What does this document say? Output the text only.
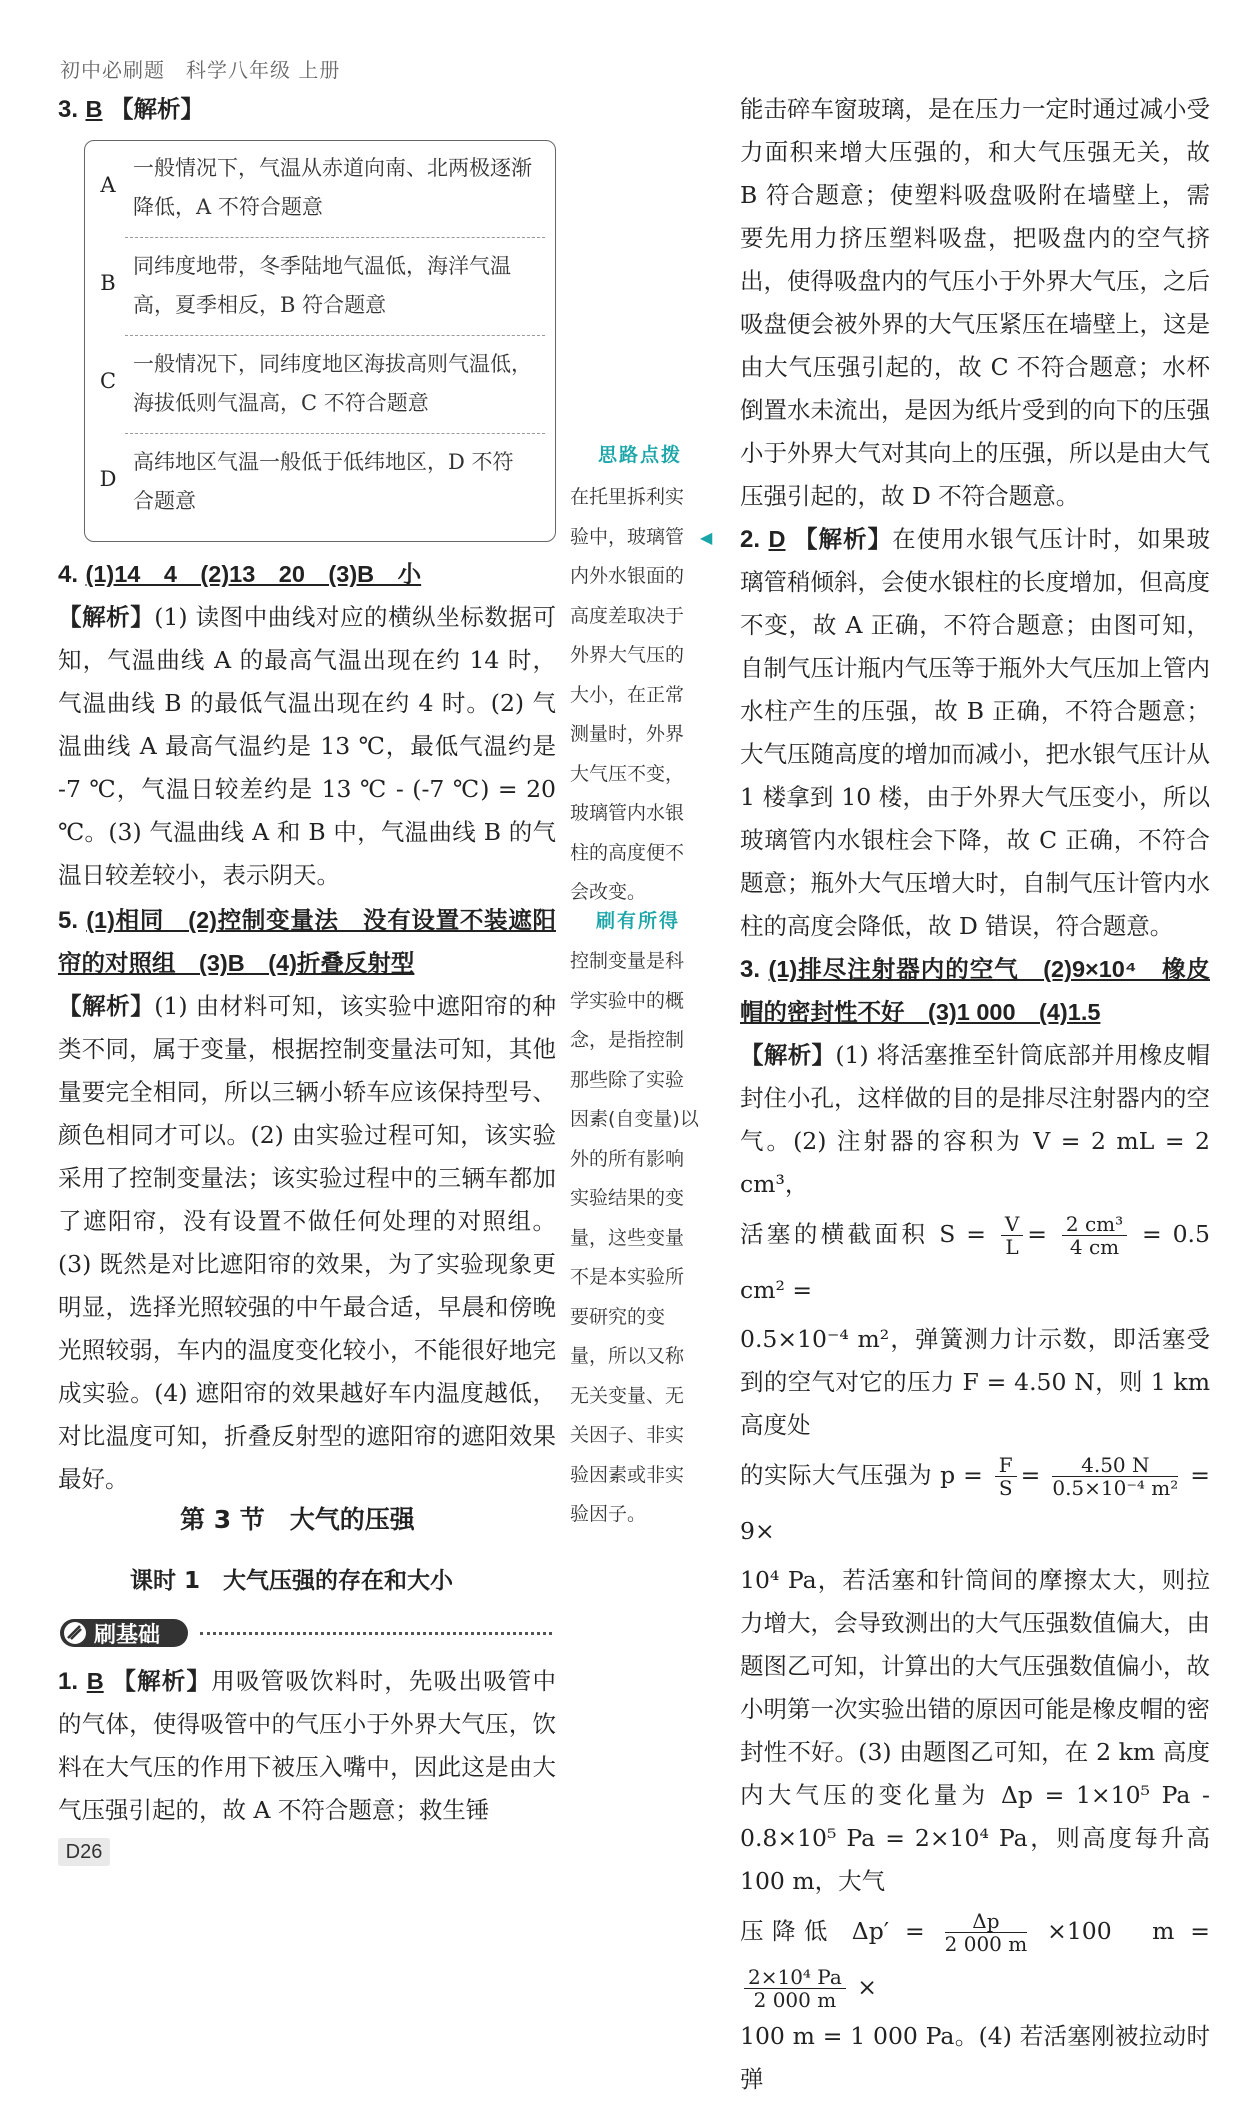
初中必刷题　科学八年级 上册

3. B 【解析】

A
一般情况下，气温从赤道向南、北两极逐渐降低，A 不符合题意
B
同纬度地带，冬季陆地气温低，海洋气温高，夏季相反，B 符合题意
C
一般情况下，同纬度地区海拔高则气温低，海拔低则气温高，C 不符合题意
D
高纬地区气温一般低于低纬地区，D 不符合题意

4. (1)14　4　(2)13　20　(3)B　小

【解析】(1) 读图中曲线对应的横纵坐标数据可知，气温曲线 A 的最高气温出现在约 14 时，气温曲线 B 的最低气温出现在约 4 时。(2) 气温曲线 A 最高气温约是 13 ℃，最低气温约是 -7 ℃，气温日较差约是 13 ℃ - (-7 ℃) = 20 ℃。(3) 气温曲线 A 和 B 中，气温曲线 B 的气温日较差较小，表示阴天。

5. (1)相同　(2)控制变量法　没有设置不装遮阳帘的对照组　(3)B　(4)折叠反射型

【解析】(1) 由材料可知，该实验中遮阳帘的种类不同，属于变量，根据控制变量法可知，其他量要完全相同，所以三辆小轿车应该保持型号、颜色相同才可以。(2) 由实验过程可知，该实验采用了控制变量法；该实验过程中的三辆车都加了遮阳帘，没有设置不做任何处理的对照组。(3) 既然是对比遮阳帘的效果，为了实验现象更明显，选择光照较强的中午最合适，早晨和傍晚光照较弱，车内的温度变化较小，不能很好地完成实验。(4) 遮阳帘的效果越好车内温度越低，对比温度可知，折叠反射型的遮阳帘的遮阳效果最好。

第 3 节　大气的压强
课时 1　大气压强的存在和大小
刷基础

1. B 【解析】用吸管吸饮料时，先吸出吸管中的气体，使得吸管中的气压小于外界大气压，饮料在大气压的作用下被压入嘴中，因此这是由大气压强引起的，故 A 不符合题意；救生锤

思路点拨
在托里拆利实验中，玻璃管内外水银面的高度差取决于外界大气压的大小，在正常测量时，外界大气压不变，玻璃管内水银柱的高度便不会改变。
◀
刷有所得
控制变量是科学实验中的概念，是指控制那些除了实验因素(自变量)以外的所有影响实验结果的变量，这些变量不是本实验所要研究的变量，所以又称无关变量、无关因子、非实验因素或非实验因子。

能击碎车窗玻璃，是在压力一定时通过减小受力面积来增大压强的，和大气压强无关，故 B 符合题意；使塑料吸盘吸附在墙壁上，需要先用力挤压塑料吸盘，把吸盘内的空气挤出，使得吸盘内的气压小于外界大气压，之后吸盘便会被外界的大气压紧压在墙壁上，这是由大气压强引起的，故 C 不符合题意；水杯倒置水未流出，是因为纸片受到的向下的压强小于外界大气对其向上的压强，所以是由大气压强引起的，故 D 不符合题意。

2. D 【解析】在使用水银气压计时，如果玻璃管稍倾斜，会使水银柱的长度增加，但高度不变，故 A 正确，不符合题意；由图可知，自制气压计瓶内气压等于瓶外大气压加上管内水柱产生的压强，故 B 正确，不符合题意；大气压随高度的增加而减小，把水银气压计从 1 楼拿到 10 楼，由于外界大气压变小，所以玻璃管内水银柱会下降，故 C 正确，不符合题意；瓶外大气压增大时，自制气压计管内水柱的高度会降低，故 D 错误，符合题意。

3. (1)排尽注射器内的空气　(2)9×10⁴　橡皮帽的密封性不好　(3)1 000　(4)1.5

【解析】(1) 将活塞推至针筒底部并用橡皮帽封住小孔，这样做的目的是排尽注射器内的空气。(2) 注射器的容积为 V = 2 mL = 2 cm³，

活塞的横截面积 $S = \frac{V}{L} = \frac{\text{2 cm³}}{4 cm} = 0.5$ cm² =

0.5×10⁻⁴ m²，弹簧测力计示数，即活塞受到的空气对它的压力 F = 4.50 N，则 1 km 高度处

的实际大气压强为 $p = \frac{F}{S} = \frac{4.50 N}{\text{0.5×10⁻⁴ m²}} = 9\times$

10⁴ Pa，若活塞和针筒间的摩擦太大，则拉力增大，会导致测出的大气压强数值偏大，由题图乙可知，计算出的大气压强数值偏小，故小明第一次实验出错的原因可能是橡皮帽的密封性不好。(3) 由题图乙可知，在 2 km 高度内大气压的变化量为 Δp = 1×10⁵ Pa - 0.8×10⁵ Pa = 2×10⁴ Pa，则高度每升高 100 m，大气

压降低 $\Delta p' = \frac{\Delta p}{2 000 m} \times 100$　m =
$\frac{\text{2×10⁴ Pa}}{2 000 m}$ ×

100 m = 1 000 Pa。(4) 若活塞刚被拉动时弹

D26
